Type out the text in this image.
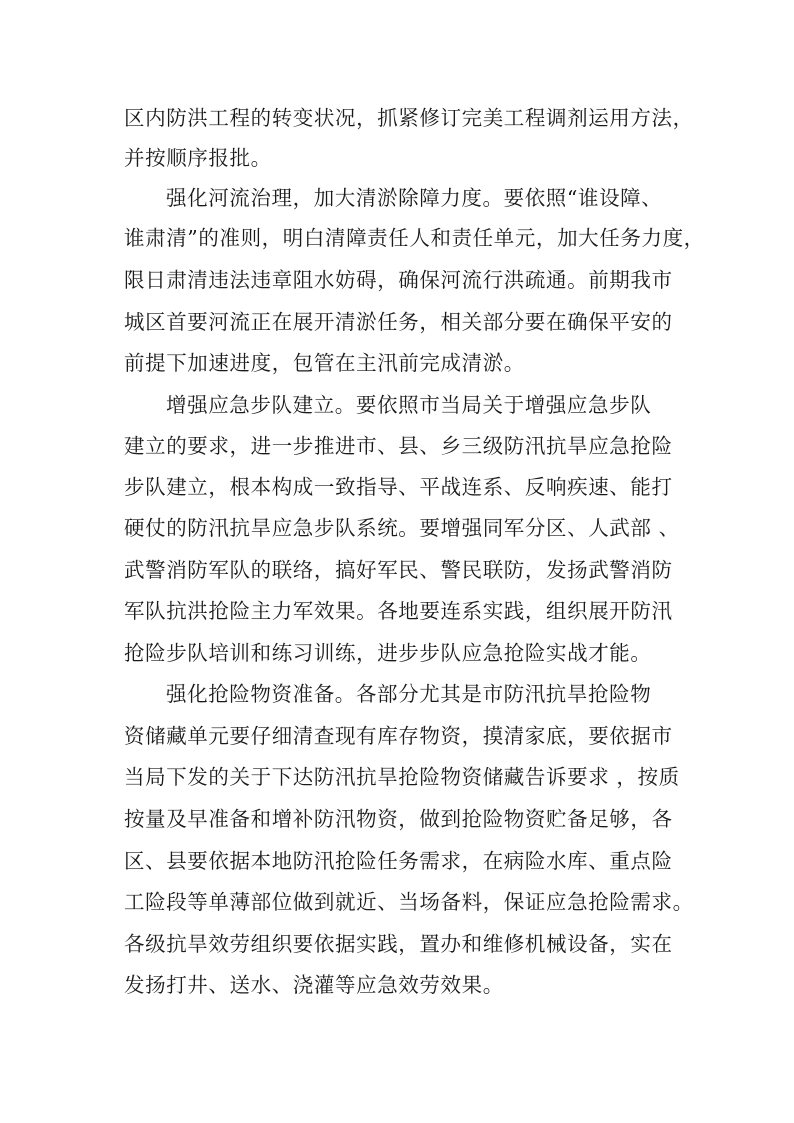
区内防洪工程的转变状况，抓紧修订完美工程调剂运用方法，
并按顺序报批。
强化河流治理，加大清淤除障力度。要依照“谁设障、
谁肃清”的准则，明白清障责任人和责任单元，加大任务力度，
限日肃清违法违章阻水妨碍，确保河流行洪疏通。前期我市
城区首要河流正在展开清淤任务，相关部分要在确保平安的
前提下加速进度，包管在主汛前完成清淤。
增强应急步队建立。要依照市当局关于增强应急步队
建立的要求，进一步推进市、县、乡三级防汛抗旱应急抢险
步队建立，根本构成一致指导、平战连系、反响疾速、能打
硬仗的防汛抗旱应急步队系统。要增强同军分区、人武部 、
武警消防军队的联络，搞好军民、警民联防，发扬武警消防
军队抗洪抢险主力军效果。各地要连系实践，组织展开防汛
抢险步队培训和练习训练，进步步队应急抢险实战才能。
强化抢险物资准备。各部分尤其是市防汛抗旱抢险物
资储藏单元要仔细清查现有库存物资，摸清家底，要依据市
当局下发的关于下达防汛抗旱抢险物资储藏告诉要求 ，按质
按量及早准备和增补防汛物资，做到抢险物资贮备足够，各
区、县要依据本地防汛抢险任务需求，在病险水库、重点险
工险段等单薄部位做到就近、当场备料，保证应急抢险需求。
各级抗旱效劳组织要依据实践，置办和维修机械设备，实在
发扬打井、送水、浇灌等应急效劳效果。
